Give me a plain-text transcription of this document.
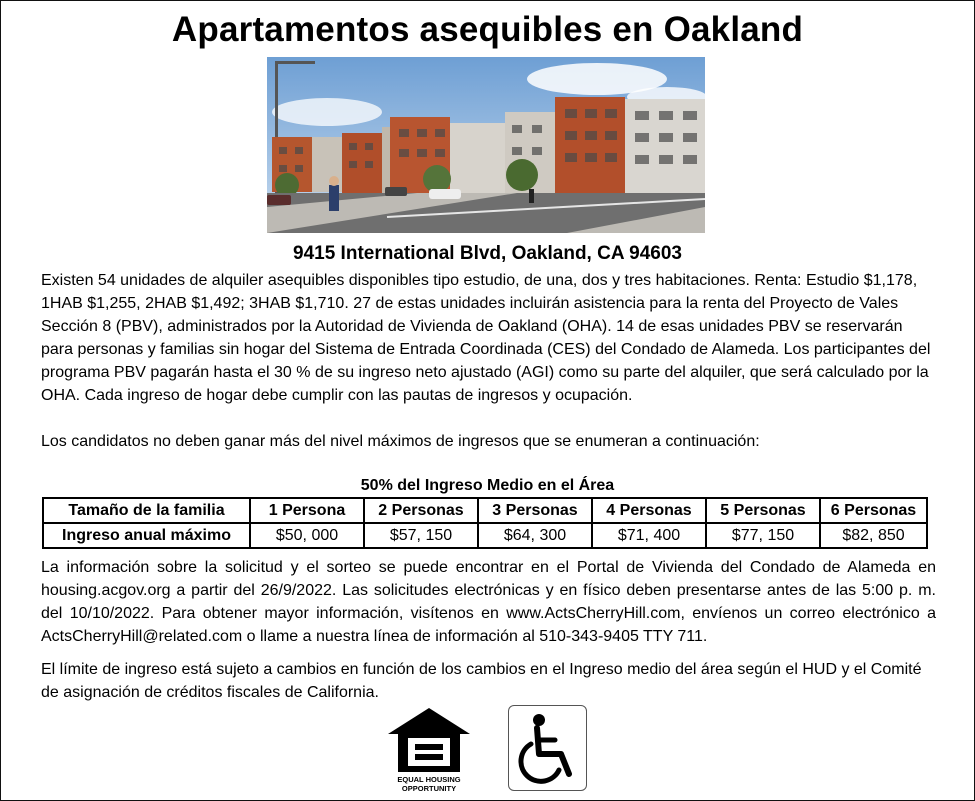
Apartamentos asequibles en Oakland
9415 International Blvd, Oakland, CA 94603
Existen 54 unidades de alquiler asequibles disponibles tipo estudio, de una, dos y tres habitaciones. Renta: Estudio $1,178, 1HAB $1,255, 2HAB $1,492; 3HAB $1,710. 27 de estas unidades incluirán asistencia para la renta del Proyecto de Vales Sección 8 (PBV), administrados por la Autoridad de Vivienda de Oakland (OHA). 14 de esas unidades PBV se reservarán para personas y familias sin hogar del Sistema de Entrada Coordinada (CES) del Condado de Alameda. Los participantes del programa PBV pagarán hasta el 30 % de su ingreso neto ajustado (AGI) como su parte del alquiler, que será calculado por la OHA. Cada ingreso de hogar debe cumplir con las pautas de ingresos y ocupación.
Los candidatos no deben ganar más del nivel máximos de ingresos que se enumeran a continuación:
50% del Ingreso Medio en el Área
Tamaño de la familia	1 Persona	2 Personas	3 Personas	4 Personas	5 Personas	6 Personas
Ingreso anual máximo	$50, 000	$57, 150	$64, 300	$71, 400	$77, 150	$82, 850
La información sobre la solicitud y el sorteo se puede encontrar en el Portal de Vivienda del Condado de Alameda en housing.acgov.org a partir del 26/9/2022. Las solicitudes electrónicas y en físico deben presentarse antes de las 5:00 p. m. del 10/10/2022. Para obtener mayor información, visítenos en www.ActsCherryHill.com, envíenos un correo electrónico a ActsCherryHill@related.com o llame a nuestra línea de información al 510-343-9405 TTY 711.
El límite de ingreso está sujeto a cambios en función de los cambios en el Ingreso medio del área según el HUD y el Comité de asignación de créditos fiscales de California.
EQUAL HOUSING
OPPORTUNITY
